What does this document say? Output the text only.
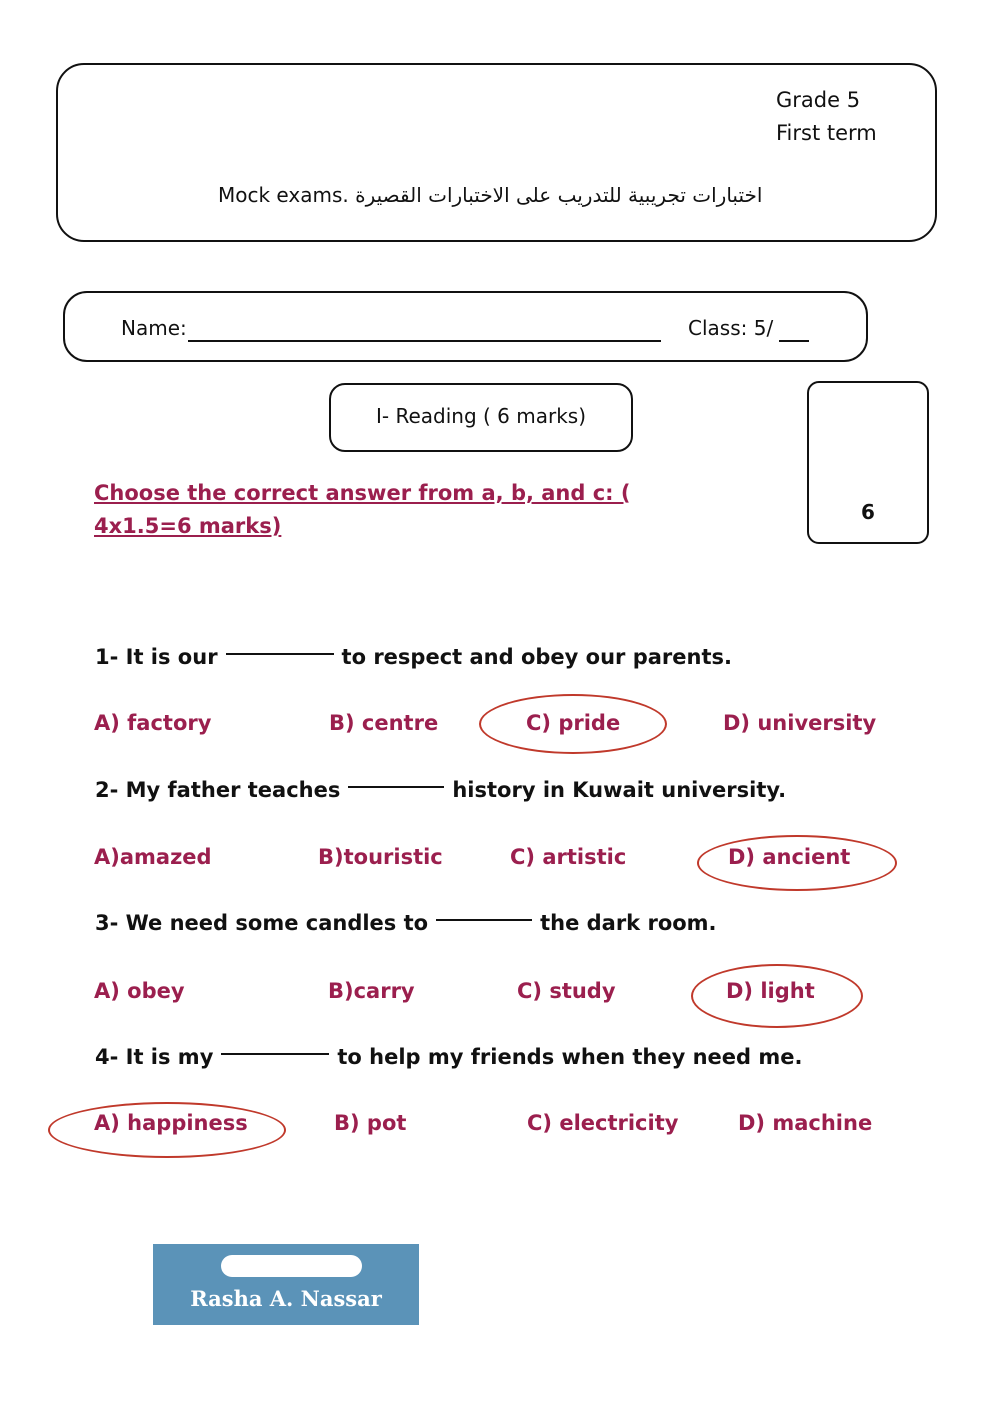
Grade 5
First term
Mock exams. اختبارات تجريبية للتدريب على الاختبارات القصيرة
Name:	Class: 5/
I- Reading ( 6 marks)
6
Choose the correct answer from a, b, and c: ( 4x1.5=6 marks)
1- It is our	to respect and obey our parents.
A) factory	B) centre	C) pride	D) university
2- My father teaches	history in Kuwait university.
A)amazed	B)touristic	C) artistic	D) ancient
3- We need some candles to	the dark room.
A) obey	B)carry	C) study	D) light
4- It is my	to help my friends when they need me.
A) happiness	B) pot	C) electricity	D) machine
Rasha A. Nassar
